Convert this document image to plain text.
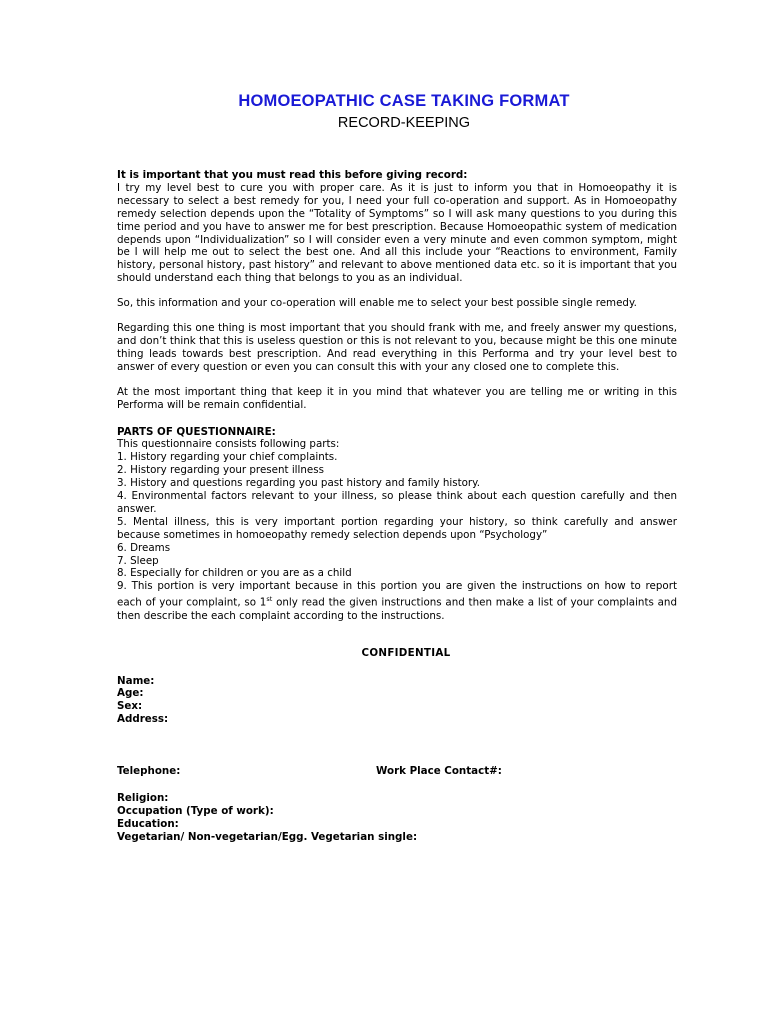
HOMOEOPATHIC CASE TAKING FORMAT
RECORD-KEEPING
It is important that you must read this before giving record:

I try my level best to cure you with proper care. As it is just to inform you that in Homoeopathy it is necessary to select a best remedy for you, I need your full co-operation and support. As in Homoeopathy remedy selection depends upon the “Totality of Symptoms” so I will ask many questions to you during this time period and you have to answer me for best prescription. Because Homoeopathic system of medication depends upon “Individualization” so I will consider even a very minute and even common symptom, might be I will help me out to select the best one. And all this include your “Reactions to environment, Family history, personal history, past history” and relevant to above mentioned data etc. so it is important that you should understand each thing that belongs to you as an individual.

So, this information and your co-operation will enable me to select your best possible single remedy.

Regarding this one thing is most important that you should frank with me, and freely answer my questions, and don’t think that this is useless question or this is not relevant to you, because might be this one minute thing leads towards best prescription. And read everything in this Performa and try your level best to answer of every question or even you can consult this with your any closed one to complete this.

At the most important thing that keep it in you mind that whatever you are telling me or writing in this Performa will be remain confidential.

PARTS OF QUESTIONNAIRE:

This questionnaire consists following parts:

1. History regarding your chief complaints.
2. History regarding your present illness
3. History and questions regarding you past history and family history.
4. Environmental factors relevant to your illness, so please think about each question carefully and then answer.
5. Mental illness, this is very important portion regarding your history, so think carefully and answer because sometimes in homoeopathy remedy selection depends upon “Psychology”
6. Dreams
7. Sleep
8. Especially for children or you are as a child
9. This portion is very important because in this portion you are given the instructions on how to report each of your complaint, so 1st only read the given instructions and then make a list of your complaints and then describe the each complaint according to the instructions.
CONFIDENTIAL
Name:
Age:
Sex:
Address:
Telephone:	Work Place Contact#:
Religion:
Occupation (Type of work):
Education:
Vegetarian/ Non-vegetarian/Egg. Vegetarian single:
